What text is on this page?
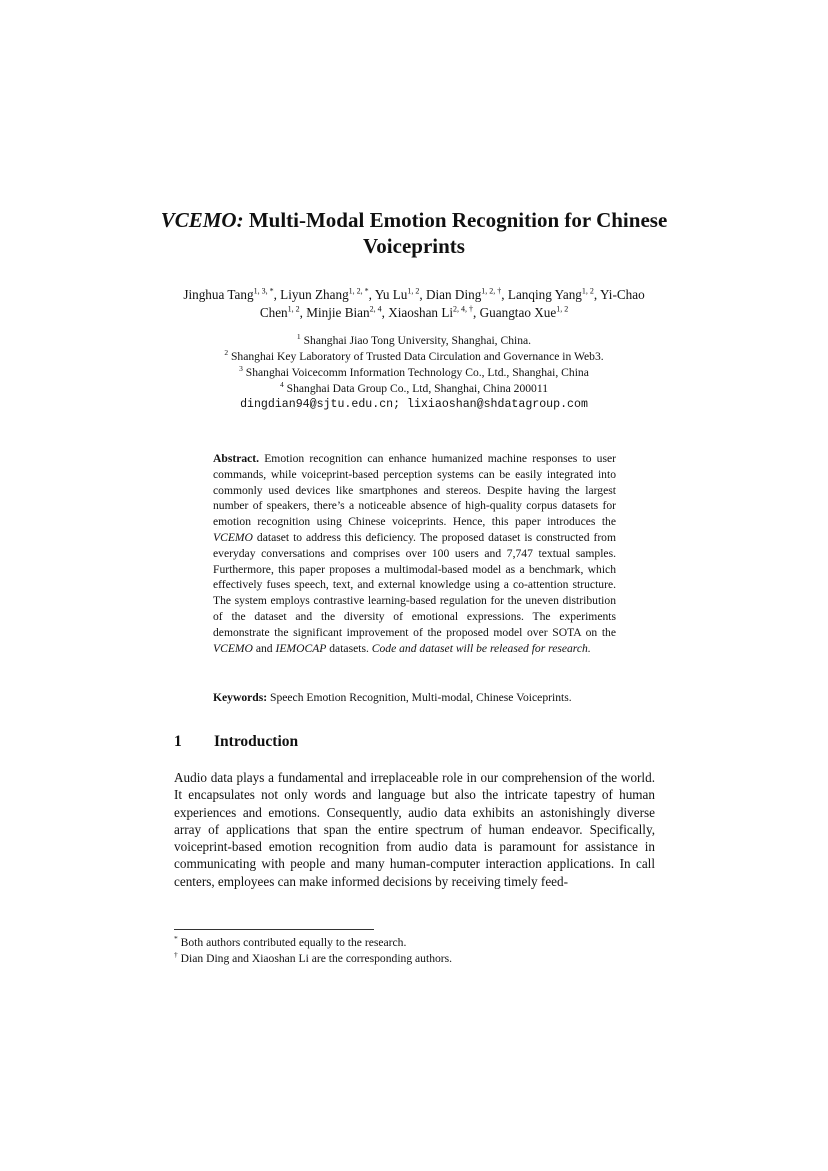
VCEMO: Multi-Modal Emotion Recognition for Chinese Voiceprints
Jinghua Tang$^{1, 3, *}$, Liyun Zhang$^{1, 2, *}$, Yu Lu$^{1, 2}$, Dian Ding$^{1, 2, \dagger}$, Lanqing Yang$^{1, 2}$, Yi-Chao Chen$^{1, 2}$, Minjie Bian$^{2, 4}$, Xiaoshan $Li^{2, 4, \dagger}$, Guangtao Xue$^{1, 2}$
$^1$ Shanghai Jiao Tong University, Shanghai, China.
$^2$ Shanghai Key Laboratory of Trusted Data Circulation and Governance in Web3.
$^3$ Shanghai Voicecomm Information Technology Co., Ltd., Shanghai, China
$^4$ Shanghai Data Group Co., Ltd, Shanghai, China 200011
dingdian94@sjtu.edu.cn; lixiaoshan@shdatagroup.com
Abstract. Emotion recognition can enhance humanized machine responses to user commands, while voiceprint-based perception systems can be easily integrated into commonly used devices like smartphones and stereos. Despite having the largest number of speakers, there’s a noticeable absence of high-quality corpus datasets for emotion recognition using Chinese voiceprints. Hence, this paper introduces the VCEMO dataset to address this deficiency. The proposed dataset is constructed from everyday conversations and comprises over 100 users and 7,747 textual samples. Furthermore, this paper proposes a multimodal-based model as a benchmark, which effectively fuses speech, text, and external knowledge using a co-attention structure. The system employs contrastive learning-based regulation for the uneven distribution of the dataset and the diversity of emotional expressions. The experiments demonstrate the significant improvement of the proposed model over SOTA on the VCEMO and IEMOCAP datasets. Code and dataset will be released for research.
Keywords: Speech Emotion Recognition, Multi-modal, Chinese Voiceprints.
1 Introduction
Audio data plays a fundamental and irreplaceable role in our comprehension of the world. It encapsulates not only words and language but also the intricate tapestry of human experiences and emotions. Consequently, audio data exhibits an astonishingly diverse array of applications that span the entire spectrum of human endeavor. Specifically, voiceprint-based emotion recognition from audio data is paramount for assistance in communicating with people and many human-computer interaction applications. In call centers, employees can make informed decisions by receiving timely feed-
* Both authors contributed equally to the research.
† Dian Ding and Xiaoshan Li are the corresponding authors.
